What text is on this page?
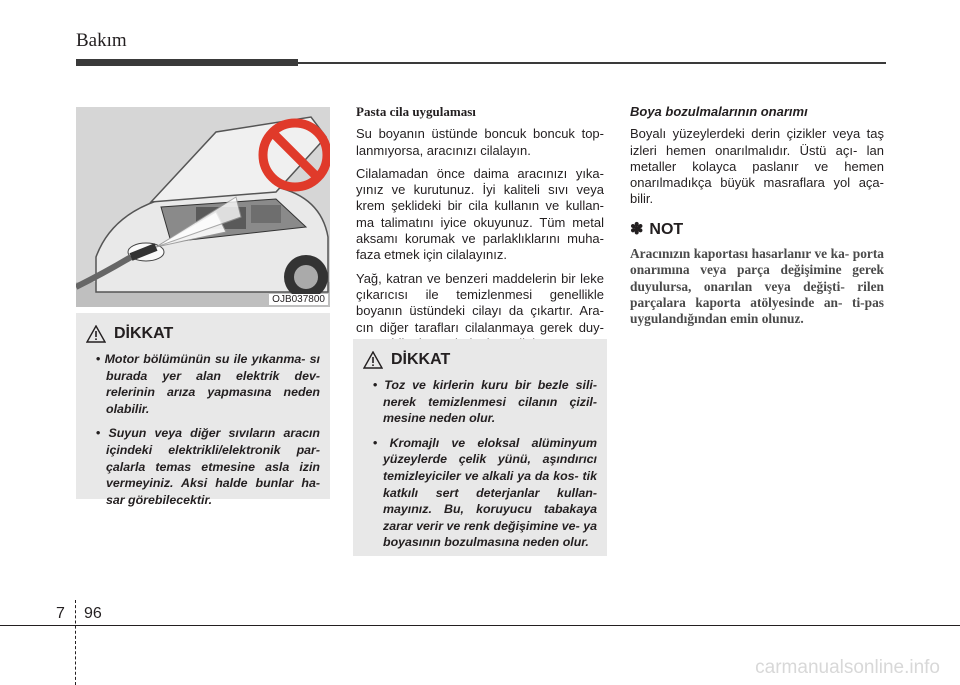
Bakım
OJB037800
DİKKAT
• Motor bölümünün su ile yıkanma- sı burada yer alan elektrik dev- relerinin arıza yapmasına neden olabilir.
• Suyun veya diğer sıvıların aracın içindeki elektrikli/elektronik par- çalarla temas etmesine asla izin vermeyiniz. Aksi halde bunlar ha- sar görebilecektir.
Pasta cila uygulaması

Su boyanın üstünde boncuk boncuk top- lanmıyorsa, aracınızı cilalayın.

Cilalamadan önce daima aracınızı yıka- yınız ve kurutunuz. İyi kaliteli sıvı veya krem şeklideki bir cila kullanın ve kullan- ma talimatını iyice okuyunuz. Tüm metal aksamı korumak ve parlaklıklarını muha- faza etmek için cilalayınız.

Yağ, katran ve benzeri maddelerin bir leke çıkarıcısı ile temizlenmesi genellikle boyanın üstündeki cilayı da çıkartır. Ara- cın diğer tarafları cilalanmaya gerek duy-

DİKKAT
• Toz ve kirlerin kuru bir bezle sili- nerek temizlenmesi cilanın çizil- mesine neden olur.
• Kromajlı ve eloksal alüminyum yüzeylerde çelik yünü, aşındırıcı temizleyiciler ve alkali ya da kos- tik katkılı sert deterjanlar kullan- mayınız. Bu, koruyucu tabakaya zarar verir ve renk değişimine ve- ya boyasının bozulmasına neden olur.
Boya bozulmalarının onarımı

Boyalı yüzeylerdeki derin çizikler veya taş izleri hemen onarılmalıdır. Üstü açı- lan metaller kolayca paslanır ve hemen onarılmadıkça büyük masraflara yol aça- bilir.

✽ NOT
Aracınızın kaportası hasarlanır ve ka- porta onarımına veya parça değişimine gerek duyulursa, onarılan veya değişti- rilen parçalara kaporta atölyesinde an- ti-pas uygulandığından emin olunuz.
7 96
carmanualsonline.info
